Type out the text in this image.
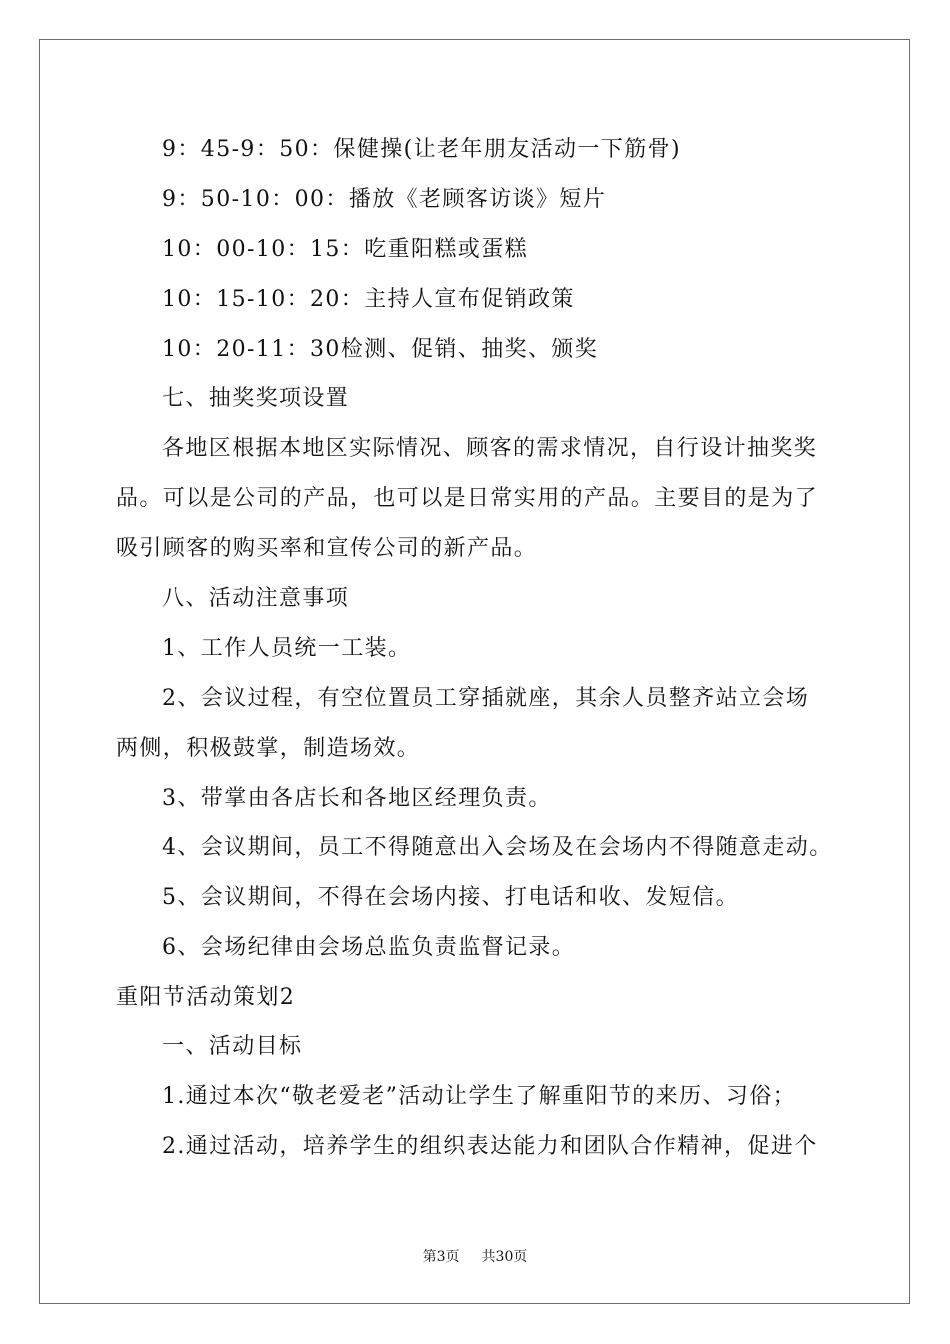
9：45-9：50：保健操(让老年朋友活动一下筋骨)
9：50-10：00：播放《老顾客访谈》短片
10：00-10：15：吃重阳糕或蛋糕
10：15-10：20：主持人宣布促销政策
10：20-11：30检测、促销、抽奖、颁奖
七、抽奖奖项设置
各地区根据本地区实际情况、顾客的需求情况，自行设计抽奖奖
品。可以是公司的产品，也可以是日常实用的产品。主要目的是为了
吸引顾客的购买率和宣传公司的新产品。
八、活动注意事项
1、工作人员统一工装。
2、会议过程，有空位置员工穿插就座，其余人员整齐站立会场
两侧，积极鼓掌，制造场效。
3、带掌由各店长和各地区经理负责。
4、会议期间，员工不得随意出入会场及在会场内不得随意走动。
5、会议期间，不得在会场内接、打电话和收、发短信。
6、会场纪律由会场总监负责监督记录。
重阳节活动策划2
一、活动目标
1.通过本次“敬老爱老”活动让学生了解重阳节的来历、习俗；
2.通过活动，培养学生的组织表达能力和团队合作精神，促进个
第3页 共30页
